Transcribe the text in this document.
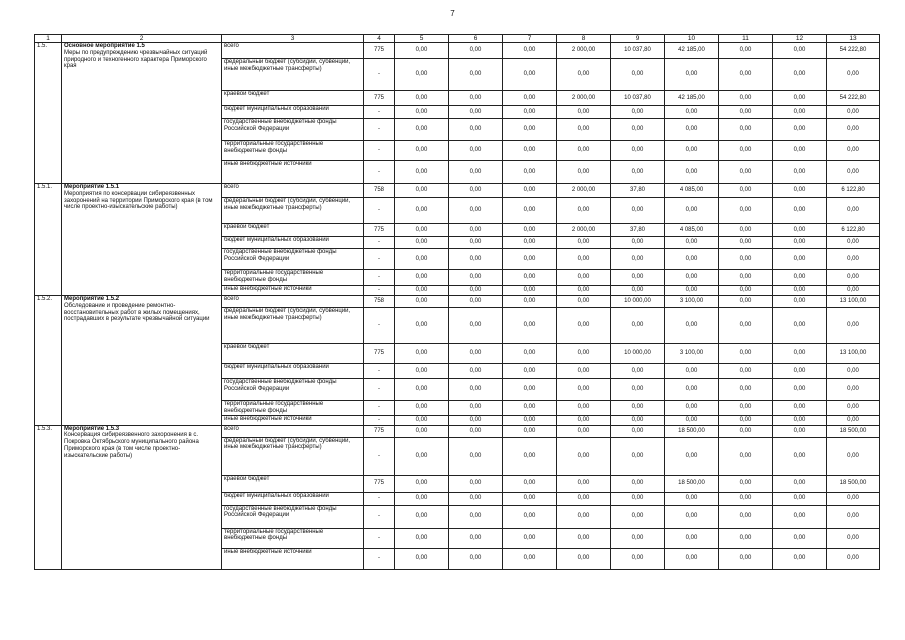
7
1	2	3	4	5	6	7	8	9	10	11	12	13
1.5.	Основное мероприятие 1.5
Меры по предупреждению чрезвычайных ситуаций природного и техногенного характера Приморского края	всего	775	0,00	0,00	0,00	2 000,00	10 037,80	42 185,00	0,00	0,00	54 222,80
		федеральный бюджет (субсидии, субвенции, иные межбюджетные трансферты)	-	0,00	0,00	0,00	0,00	0,00	0,00	0,00	0,00	0,00
		краевой бюджет	775	0,00	0,00	0,00	2 000,00	10 037,80	42 185,00	0,00	0,00	54 222,80
		бюджет муниципальных образований	-	0,00	0,00	0,00	0,00	0,00	0,00	0,00	0,00	0,00
		государственные внебюджетные фонды Российской Федерации	-	0,00	0,00	0,00	0,00	0,00	0,00	0,00	0,00	0,00
		территориальные государственные внебюджетные фонды	-	0,00	0,00	0,00	0,00	0,00	0,00	0,00	0,00	0,00
		иные внебюджетные источники	-	0,00	0,00	0,00	0,00	0,00	0,00	0,00	0,00	0,00
1.5.1.	Мероприятие 1.5.1
Мероприятия по консервации сибиреязвенных захоронений на территории Приморского края (в том числе проектно-изыскательские работы)	всего	758	0,00	0,00	0,00	2 000,00	37,80	4 085,00	0,00	0,00	6 122,80
		федеральный бюджет (субсидии, субвенции, иные межбюджетные трансферты)	-	0,00	0,00	0,00	0,00	0,00	0,00	0,00	0,00	0,00
		краевой бюджет	775	0,00	0,00	0,00	2 000,00	37,80	4 085,00	0,00	0,00	6 122,80
		бюджет муниципальных образований	-	0,00	0,00	0,00	0,00	0,00	0,00	0,00	0,00	0,00
		государственные внебюджетные фонды Российской Федерации	-	0,00	0,00	0,00	0,00	0,00	0,00	0,00	0,00	0,00
		территориальные государственные внебюджетные фонды	-	0,00	0,00	0,00	0,00	0,00	0,00	0,00	0,00	0,00
		иные внебюджетные источники	-	0,00	0,00	0,00	0,00	0,00	0,00	0,00	0,00	0,00
1.5.2.	Мероприятие 1.5.2
Обследование и проведение ремонтно-восстановительных работ в жилых помещениях, пострадавших в результате чрезвычайной ситуации	всего	758	0,00	0,00	0,00	0,00	10 000,00	3 100,00	0,00	0,00	13 100,00
		федеральный бюджет (субсидии, субвенции, иные межбюджетные трансферты)	-	0,00	0,00	0,00	0,00	0,00	0,00	0,00	0,00	0,00
		краевой бюджет	775	0,00	0,00	0,00	0,00	10 000,00	3 100,00	0,00	0,00	13 100,00
		бюджет муниципальных образований	-	0,00	0,00	0,00	0,00	0,00	0,00	0,00	0,00	0,00
		государственные внебюджетные фонды Российской Федерации	-	0,00	0,00	0,00	0,00	0,00	0,00	0,00	0,00	0,00
		территориальные государственные внебюджетные фонды	-	0,00	0,00	0,00	0,00	0,00	0,00	0,00	0,00	0,00
		иные внебюджетные источники	-	0,00	0,00	0,00	0,00	0,00	0,00	0,00	0,00	0,00
1.5.3.	Мероприятие 1.5.3
Консервация сибиреязвенного захоронения в с. Покровка Октябрьского муниципального района Приморского края (в том числе проектно-изыскательские работы)	всего	775	0,00	0,00	0,00	0,00	0,00	18 500,00	0,00	0,00	18 500,00
		федеральный бюджет (субсидии, субвенции, иные межбюджетные трансферты)	-	0,00	0,00	0,00	0,00	0,00	0,00	0,00	0,00	0,00
		краевой бюджет	775	0,00	0,00	0,00	0,00	0,00	18 500,00	0,00	0,00	18 500,00
		бюджет муниципальных образований	-	0,00	0,00	0,00	0,00	0,00	0,00	0,00	0,00	0,00
		государственные внебюджетные фонды Российской Федерации	-	0,00	0,00	0,00	0,00	0,00	0,00	0,00	0,00	0,00
		территориальные государственные внебюджетные фонды	-	0,00	0,00	0,00	0,00	0,00	0,00	0,00	0,00	0,00
		иные внебюджетные источники	-	0,00	0,00	0,00	0,00	0,00	0,00	0,00	0,00	0,00
